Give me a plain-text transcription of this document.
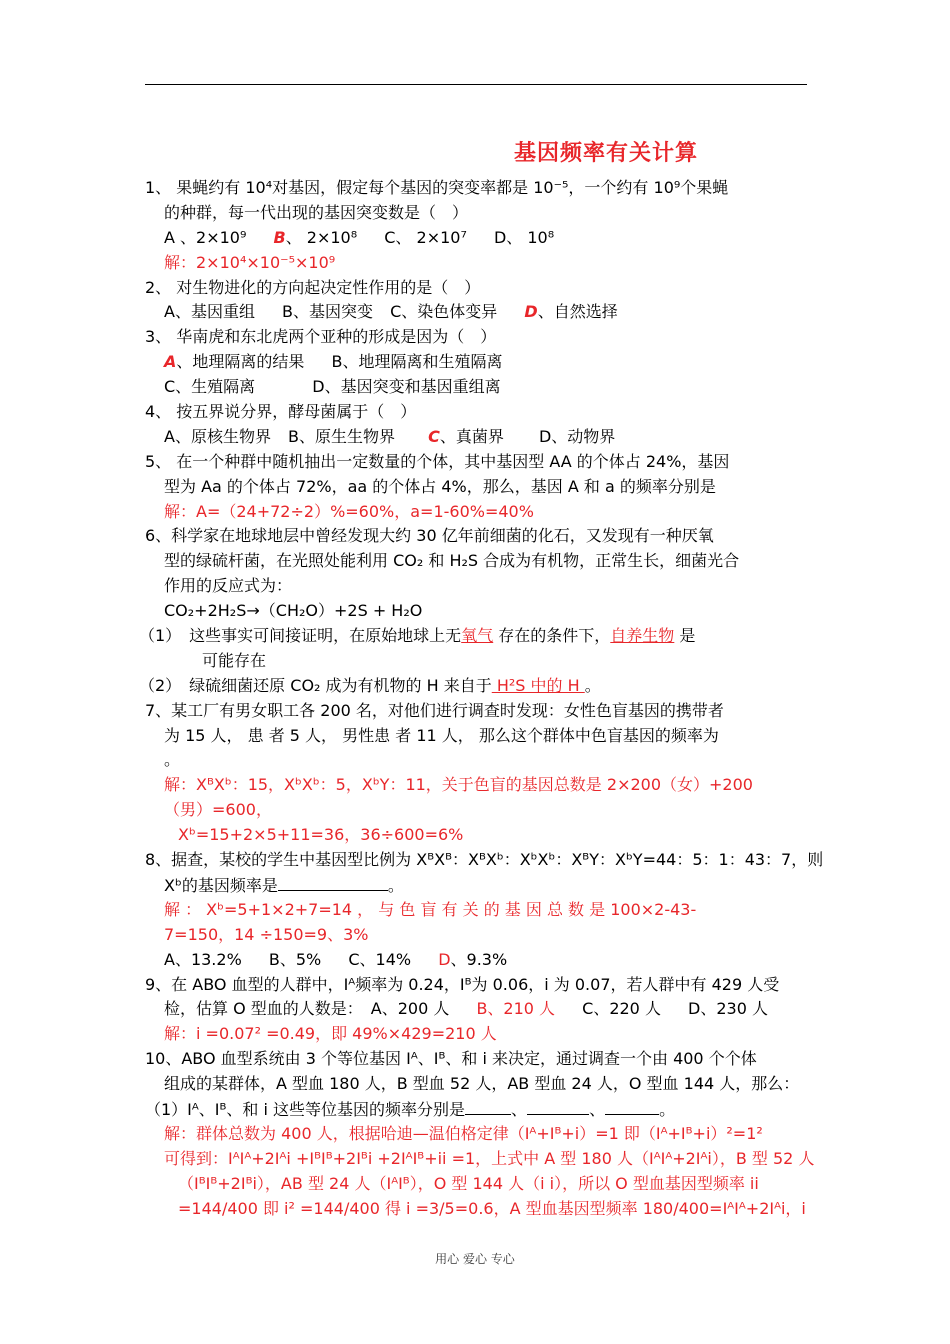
基因频率有关计算
1、 果蝇约有 10⁴对基因，假定每个基因的突变率都是 10⁻⁵，一个约有 10⁹个果蝇
的种群，每一代出现的基因突变数是（　）
A 、2×10⁹ B、 2×10⁸ C、 2×10⁷ D、 10⁸
解：2×10⁴×10⁻⁵×10⁹
2、 对生物进化的方向起决定性作用的是（　）
A、基因重组 B、基因突变 C、染色体变异 D、自然选择
3、 华南虎和东北虎两个亚种的形成是因为（　）
A、地理隔离的结果 B、地理隔离和生殖隔离
C、生殖隔离	D、基因突变和基因重组离
4、 按五界说分界，酵母菌属于（　）
A、原核生物界 B、原生生物界 C、真菌界 D、动物界
5、 在一个种群中随机抽出一定数量的个体，其中基因型 AA 的个体占 24%，基因
型为 Aa 的个体占 72%，aa 的个体占 4%，那么，基因 A 和 a 的频率分别是
解：A=（24+72÷2）%=60%，a=1-60%=40%
6、科学家在地球地层中曾经发现大约 30 亿年前细菌的化石，又发现有一种厌氧
型的绿硫杆菌，在光照处能利用 CO₂ 和 H₂S 合成为有机物，正常生长，细菌光合
作用的反应式为：
CO₂+2H₂S→（CH₂O）+2S + H₂O
（1）　这些事实可间接证明，在原始地球上无氧气 存在的条件下，自养生物 是
可能存在
（2）　绿硫细菌还原 CO₂ 成为有机物的 H 来自于 H²S 中的 H 。
7、某工厂有男女职工各 200 名，对他们进行调查时发现：女性色盲基因的携带者
为 15 人， 患 者 5 人， 男性患 者 11 人， 那么这个群体中色盲基因的频率为
。
解：XᴮXᵇ：15，XᵇXᵇ：5，XᵇY：11，关于色盲的基因总数是 2×200（女）+200
（男）=600，
Xᵇ=15+2×5+11=36，36÷600=6%
8、据查，某校的学生中基因型比例为 XᴮXᴮ：XᴮXᵇ：XᵇXᵇ：XᴮY：XᵇY=44：5：1：43：7，则
Xᵇ的基因频率是	。
解 ： Xᵇ=5+1×2+7=14 ， 与 色 盲 有 关 的 基 因 总 数 是 100×2-43-
7=150，14 ÷150=9、3%
A、13.2% B、5% C、14% D、9.3%
9、在 ABO 血型的人群中，Iᴬ频率为 0.24，Iᴮ为 0.06，i 为 0.07，若人群中有 429 人受
检，估算 O 型血的人数是：　A、200 人 B、210 人 C、220 人 D、230 人
解：i =0.07² =0.49，即 49%×429=210 人
10、ABO 血型系统由 3 个等位基因 Iᴬ、Iᴮ、和 i 来决定，通过调查一个由 400 个个体
组成的某群体，A 型血 180 人，B 型血 52 人，AB 型血 24 人，O 型血 144 人，那么：
（1）Iᴬ、Iᴮ、和 i 这些等位基因的频率分别是	、	、	。
解：群体总数为 400 人，根据哈迪—温伯格定律（Iᴬ+Iᴮ+i）=1 即（Iᴬ+Iᴮ+i）²=1²
可得到：IᴬIᴬ+2Iᴬi +IᴮIᴮ+2Iᴮi +2IᴬIᴮ+ii =1，上式中 A 型 180 人（IᴬIᴬ+2Iᴬi），B 型 52 人
（IᴮIᴮ+2Iᴮi），AB 型 24 人（IᴬIᴮ），O 型 144 人（i i），所以 O 型血基因型频率 ii
=144/400 即 i² =144/400 得 i =3/5=0.6，A 型血基因型频率 180/400=IᴬIᴬ+2Iᴬi，i
用心 爱心 专心
